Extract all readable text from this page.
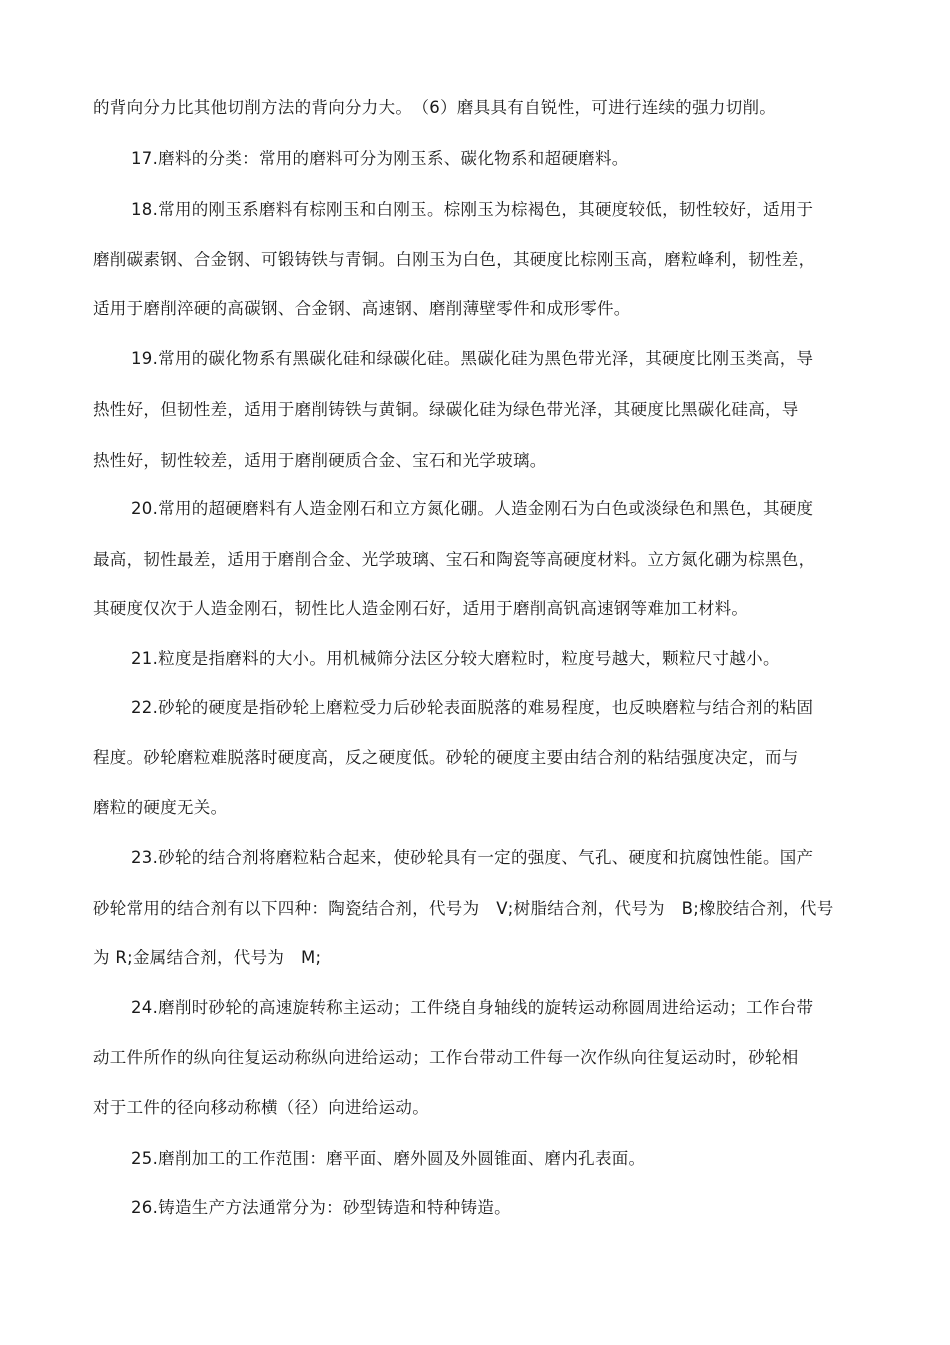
的背向分力比其他切削方法的背向分力大。　（6）磨具具有自锐性，可进行连续的强力切削。
17.磨料的分类：常用的磨料可分为刚玉系、碳化物系和超硬磨料。
18.常用的刚玉系磨料有棕刚玉和白刚玉。棕刚玉为棕褐色，其硬度较低，韧性较好，适用于
磨削碳素钢、合金钢、可锻铸铁与青铜。白刚玉为白色，其硬度比棕刚玉高，磨粒峰利，韧性差，
适用于磨削淬硬的高碳钢、合金钢、高速钢、磨削薄壁零件和成形零件。
19.常用的碳化物系有黑碳化硅和绿碳化硅。黑碳化硅为黑色带光泽，其硬度比刚玉类高，导
热性好，但韧性差，适用于磨削铸铁与黄铜。绿碳化硅为绿色带光泽，其硬度比黑碳化硅高，导
热性好，韧性较差，适用于磨削硬质合金、宝石和光学玻璃。
20.常用的超硬磨料有人造金刚石和立方氮化硼。人造金刚石为白色或淡绿色和黑色，其硬度
最高，韧性最差，适用于磨削合金、光学玻璃、宝石和陶瓷等高硬度材料。立方氮化硼为棕黑色，
其硬度仅次于人造金刚石，韧性比人造金刚石好，适用于磨削高钒高速钢等难加工材料。
21.粒度是指磨料的大小。用机械筛分法区分较大磨粒时，粒度号越大，颗粒尺寸越小。
22.砂轮的硬度是指砂轮上磨粒受力后砂轮表面脱落的难易程度，也反映磨粒与结合剂的粘固
程度。砂轮磨粒难脱落时硬度高，反之硬度低。砂轮的硬度主要由结合剂的粘结强度决定，而与
磨粒的硬度无关。
23.砂轮的结合剂将磨粒粘合起来，使砂轮具有一定的强度、气孔、硬度和抗腐蚀性能。国产
砂轮常用的结合剂有以下四种：陶瓷结合剂，代号为　V;树脂结合剂，代号为　B;橡胶结合剂，代号
为 R;金属结合剂，代号为　M;
24.磨削时砂轮的高速旋转称主运动；工件绕自身轴线的旋转运动称圆周进给运动；工作台带
动工件所作的纵向往复运动称纵向进给运动；工作台带动工件每一次作纵向往复运动时，砂轮相
对于工件的径向移动称横（径）向进给运动。
25.磨削加工的工作范围：磨平面、磨外圆及外圆锥面、磨内孔表面。
26.铸造生产方法通常分为：砂型铸造和特种铸造。
